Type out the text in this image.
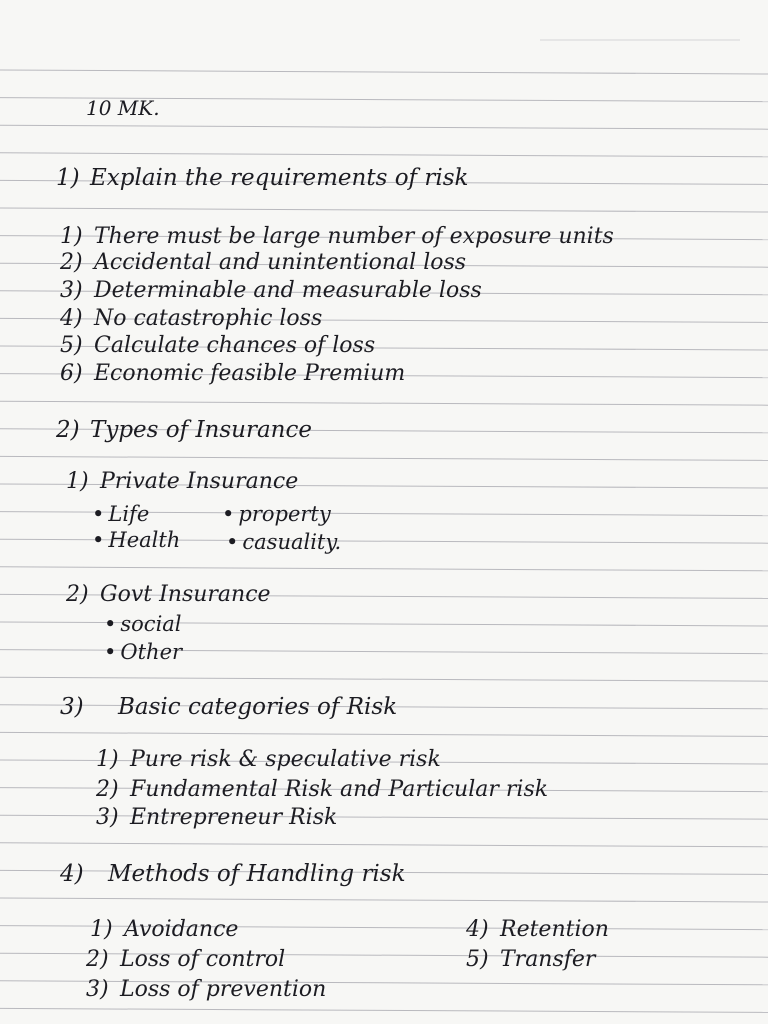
10 MK.
1) Explain the requirements of risk
1) There must be large number of exposure units
2) Accidental and unintentional loss
3) Determinable and measurable loss
4) No catastrophic loss
5) Calculate chances of loss
6) Economic feasible Premium
2) Types of Insurance
1) Private Insurance
• Life	• property
• Health	• casuality.
2) Govt Insurance
• social
• Other
3) Basic categories of Risk
1) Pure risk & speculative risk
2) Fundamental Risk and Particular risk
3) Entrepreneur Risk
4) Methods of Handling risk
1) Avoidance
2) Loss of control
3) Loss of prevention
4) Retention
5) Transfer
